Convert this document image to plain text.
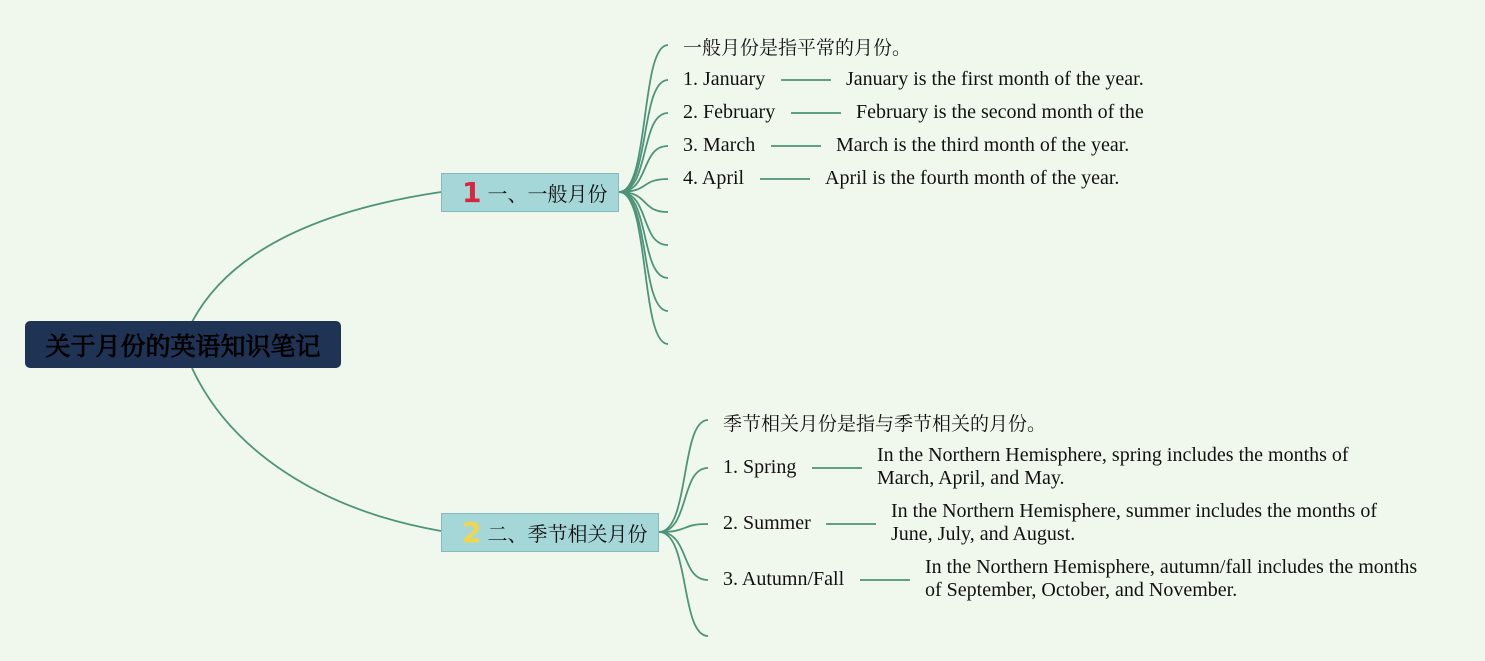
关于月份的英语知识笔记
1 一、一般月份
一般月份是指平常的月份。
1. January	January is the first month of the year.
2. February	February is the second month of the
3. March	March is the third month of the year.
4. April	April is the fourth month of the year.
2 二、季节相关月份
季节相关月份是指与季节相关的月份。
1. Spring
In the Northern Hemisphere, spring includes the months of March, April, and May.
2. Summer
In the Northern Hemisphere, summer includes the months of June, July, and August.
3. Autumn/Fall
In the Northern Hemisphere, autumn/fall includes the months of September, October, and November.
